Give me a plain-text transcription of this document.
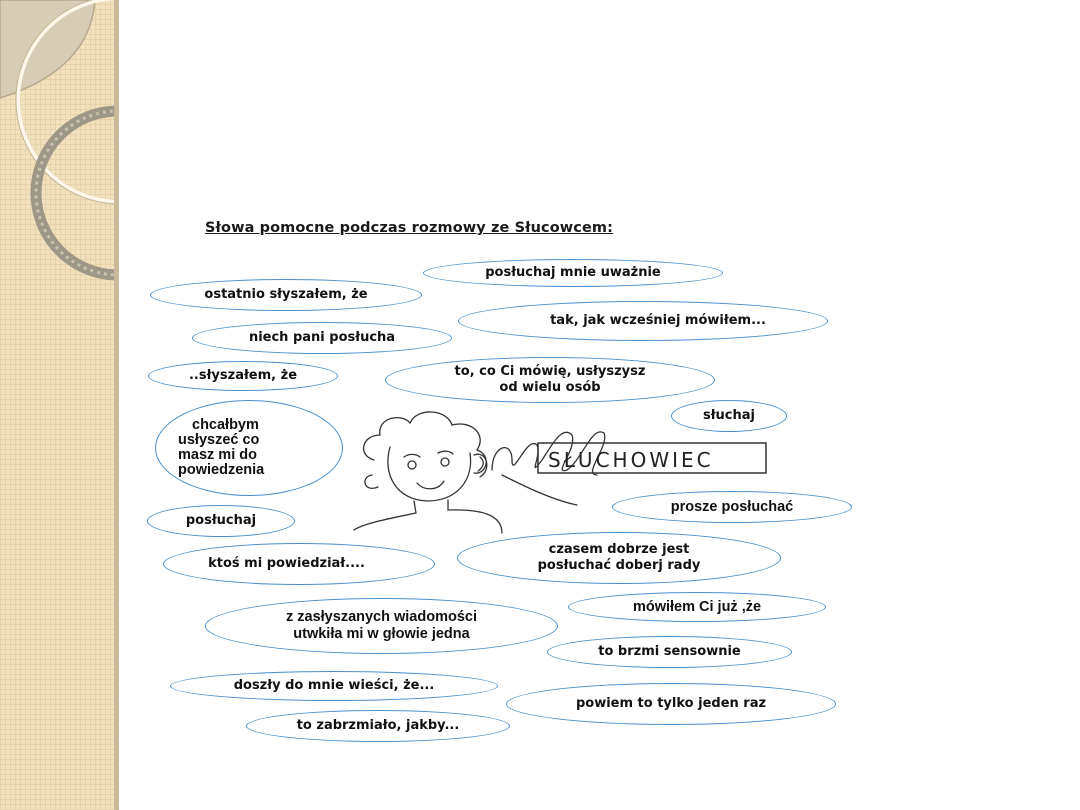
Słowa pomocne podczas rozmowy ze Słucowcem:
posłuchaj mnie uważnie
ostatnio słyszałem, że
tak, jak wcześniej mówiłem...
niech pani posłucha
..słyszałem, że	to, co Ci mówię, usłyszysz
od wielu osób
słuchaj
chcałbym
usłyszeć co
masz mi do
powiedzenia	SŁUCHOWIEC
prosze posłuchać
posłuchaj
ktoś mi powiedział....
czasem dobrze jest
posłuchać doberj rady
mówiłem Ci już ,że
z zasłyszanych wiadomości
utwkiła mi w głowie jedna
to brzmi sensownie
doszły do mnie wieści, że...
powiem to tylko jeden raz
to zabrzmiało, jakby...
